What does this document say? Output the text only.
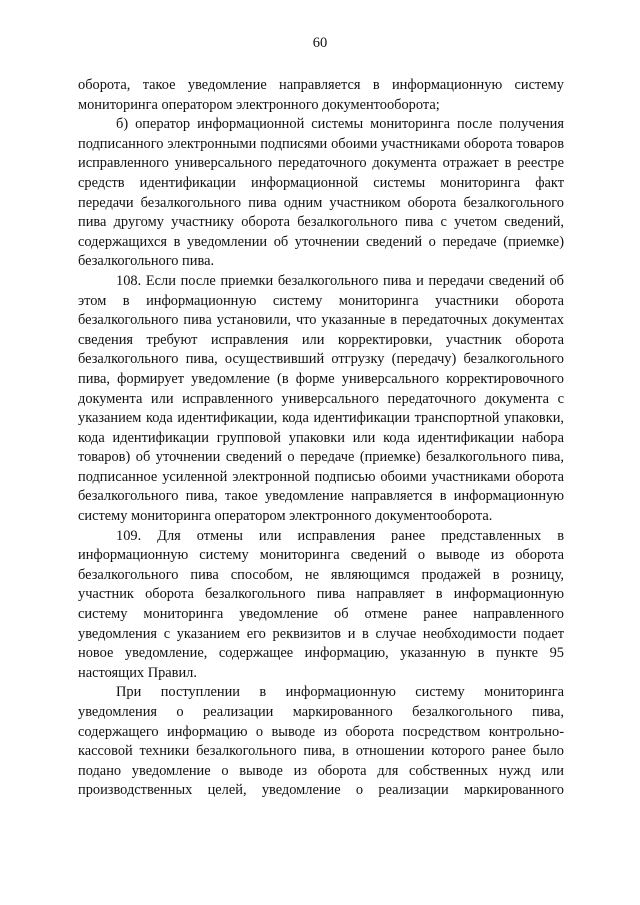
60

оборота, такое уведомление направляется в информационную систему мониторинга оператором электронного документооборота;

б) оператор информационной системы мониторинга после получения подписанного электронными подписями обоими участниками оборота товаров исправленного универсального передаточного документа отражает в реестре средств идентификации информационной системы мониторинга факт передачи безалкогольного пива одним участником оборота безалкогольного пива другому участнику оборота безалкогольного пива с учетом сведений, содержащихся в уведомлении об уточнении сведений о передаче (приемке) безалкогольного пива.

108. Если после приемки безалкогольного пива и передачи сведений об этом в информационную систему мониторинга участники оборота безалкогольного пива установили, что указанные в передаточных документах сведения требуют исправления или корректировки, участник оборота безалкогольного пива, осуществивший отгрузку (передачу) безалкогольного пива, формирует уведомление (в форме универсального корректировочного документа или исправленного универсального передаточного документа с указанием кода идентификации, кода идентификации транспортной упаковки, кода идентификации групповой упаковки или кода идентификации набора товаров) об уточнении сведений о передаче (приемке) безалкогольного пива, подписанное усиленной электронной подписью обоими участниками оборота безалкогольного пива, такое уведомление направляется в информационную систему мониторинга оператором электронного документооборота.

109. Для отмены или исправления ранее представленных в информационную систему мониторинга сведений о выводе из оборота безалкогольного пива способом, не являющимся продажей в розницу, участник оборота безалкогольного пива направляет в информационную систему мониторинга уведомление об отмене ранее направленного уведомления с указанием его реквизитов и в случае необходимости подает новое уведомление, содержащее информацию, указанную в пункте 95 настоящих Правил.

При поступлении в информационную систему мониторинга уведомления о реализации маркированного безалкогольного пива, содержащего информацию о выводе из оборота посредством контрольно-кассовой техники безалкогольного пива, в отношении которого ранее было подано уведомление о выводе из оборота для собственных нужд или производственных целей, уведомление о реализации маркированного
